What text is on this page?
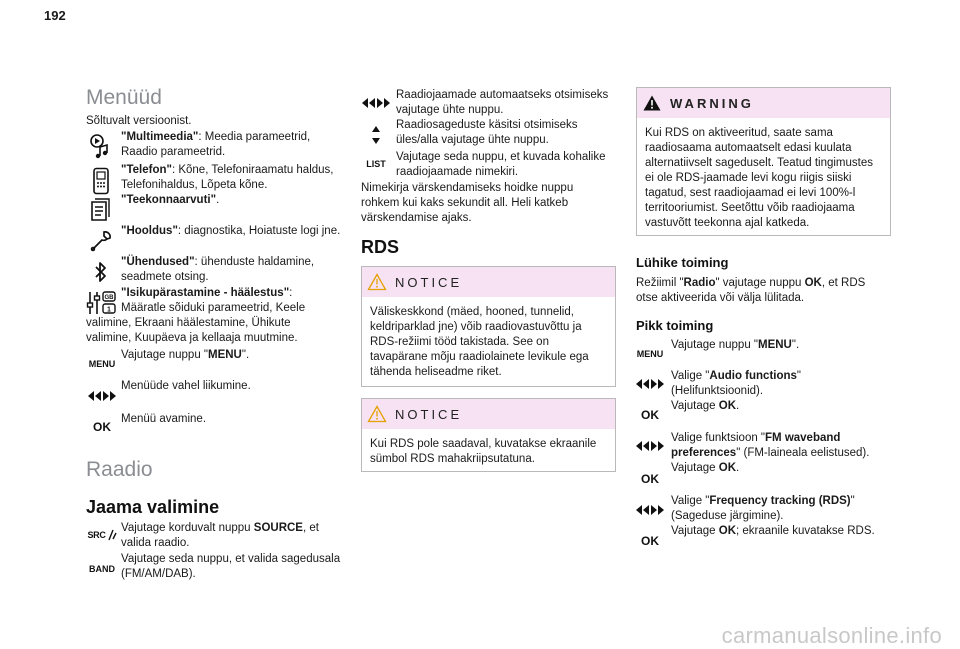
192
Menüüd
Sõltuvalt versioonist.
"Multimeedia": Meedia parameetrid, Raadio parameetrid.
"Telefon": Kõne, Telefoniraamatu haldus, Telefonihaldus, Lõpeta kõne.
"Teekonnaarvuti".
"Hooldus": diagnostika, Hoiatuste logi jne.
"Ühendused": ühenduste haldamine, seadmete otsing.
GB
1
"Isikupärastamine - häälestus":
Määratle sõiduki parameetrid, Keele valimine, Ekraani häälestamine, Ühikute valimine, Kuupäeva ja kellaaja muutmine.
MENU
Vajutage nuppu "MENU".
Menüüde vahel liikumine.
OK
Menüü avamine.
Raadio
Jaama valimine
SRC
Vajutage korduvalt nuppu SOURCE, et valida raadio.
BAND
Vajutage seda nuppu, et valida sagedusala (FM/AM/DAB).
Raadiojaamade automaatseks otsimiseks vajutage ühte nuppu.
Raadiosageduste käsitsi otsimiseks üles/alla vajutage ühte nuppu.
LIST
Vajutage seda nuppu, et kuvada kohalike raadiojaamade nimekiri.
Nimekirja värskendamiseks hoidke nuppu rohkem kui kaks sekundit all. Heli katkeb värskendamise ajaks.
RDS
NOTICE
Väliskeskkond (mäed, hooned, tunnelid, keldriparklad jne) võib raadiovastuvõttu ja RDS-režiimi tööd takistada. See on tavapärane mõju raadiolainete levikule ega tähenda heliseadme riket.
NOTICE
Kui RDS pole saadaval, kuvatakse ekraanile sümbol RDS mahakriipsutatuna.
WARNING
Kui RDS on aktiveeritud, saate sama raadiosaama automaatselt edasi kuulata alternatiivselt sageduselt. Teatud tingimustes ei ole RDS-jaamade levi kogu riigis siiski tagatud, sest raadiojaamad ei levi 100%-l territooriumist. Seetõttu võib raadiojaama vastuvõtt teekonna ajal katkeda.
Lühike toiming
Režiimil "Radio" vajutage nuppu OK, et RDS otse aktiveerida või välja lülitada.
Pikk toiming
MENU
Vajutage nuppu "MENU".
OK
Valige "Audio functions" (Helifunktsioonid).
Vajutage OK.
OK
Valige funktsioon "FM waveband preferences" (FM-laineala eelistused).
Vajutage OK.
OK
Valige "Frequency tracking (RDS)" (Sageduse järgimine).
Vajutage OK; ekraanile kuvatakse RDS.
carmanualsonline.info
